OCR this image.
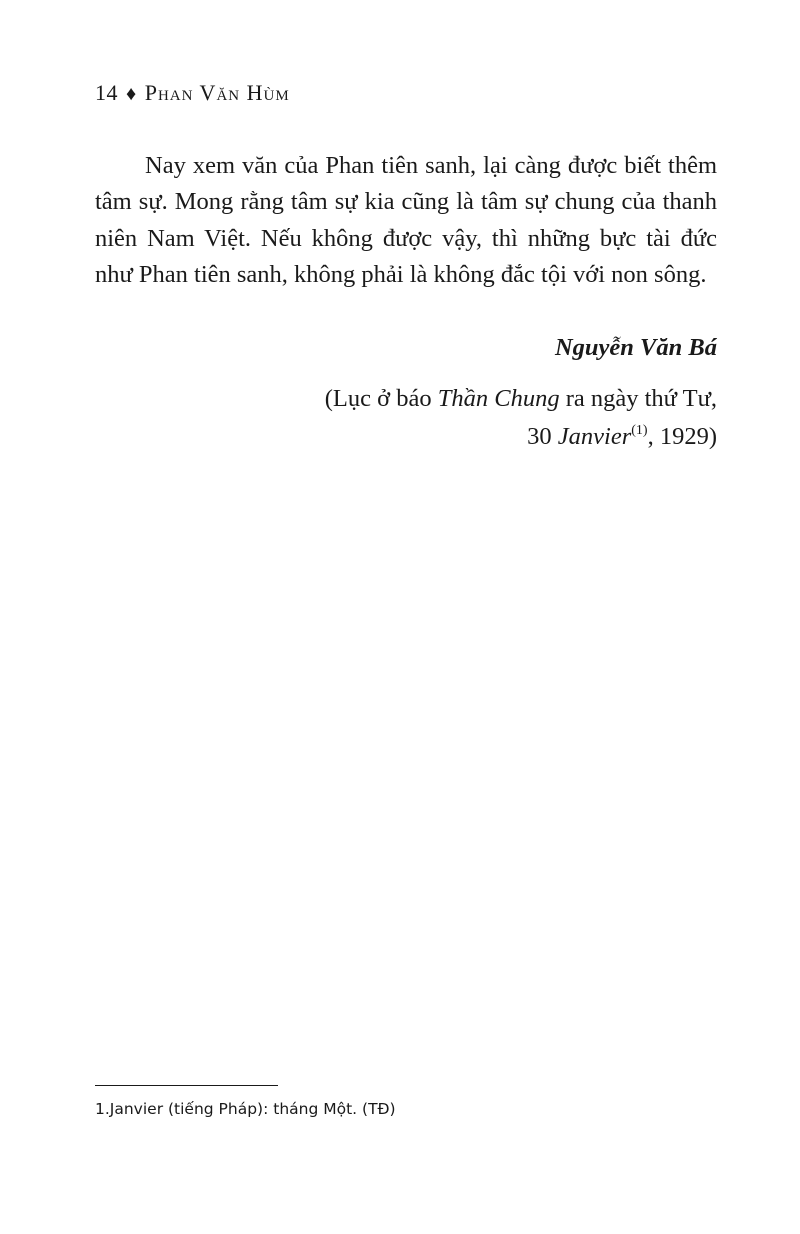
14 ♦ Phan Văn Hùm

Nay xem văn của Phan tiên sanh, lại càng được biết thêm tâm sự. Mong rằng tâm sự kia cũng là tâm sự chung của thanh niên Nam Việt. Nếu không được vậy, thì những bực tài đức như Phan tiên sanh, không phải là không đắc tội với non sông.

Nguyễn Văn Bá
(Lục ở báo Thần Chung ra ngày thứ Tư,
30 Janvier$^{(1)}$, 1929)
1.Janvier (tiếng Pháp): tháng Một. (TĐ)
